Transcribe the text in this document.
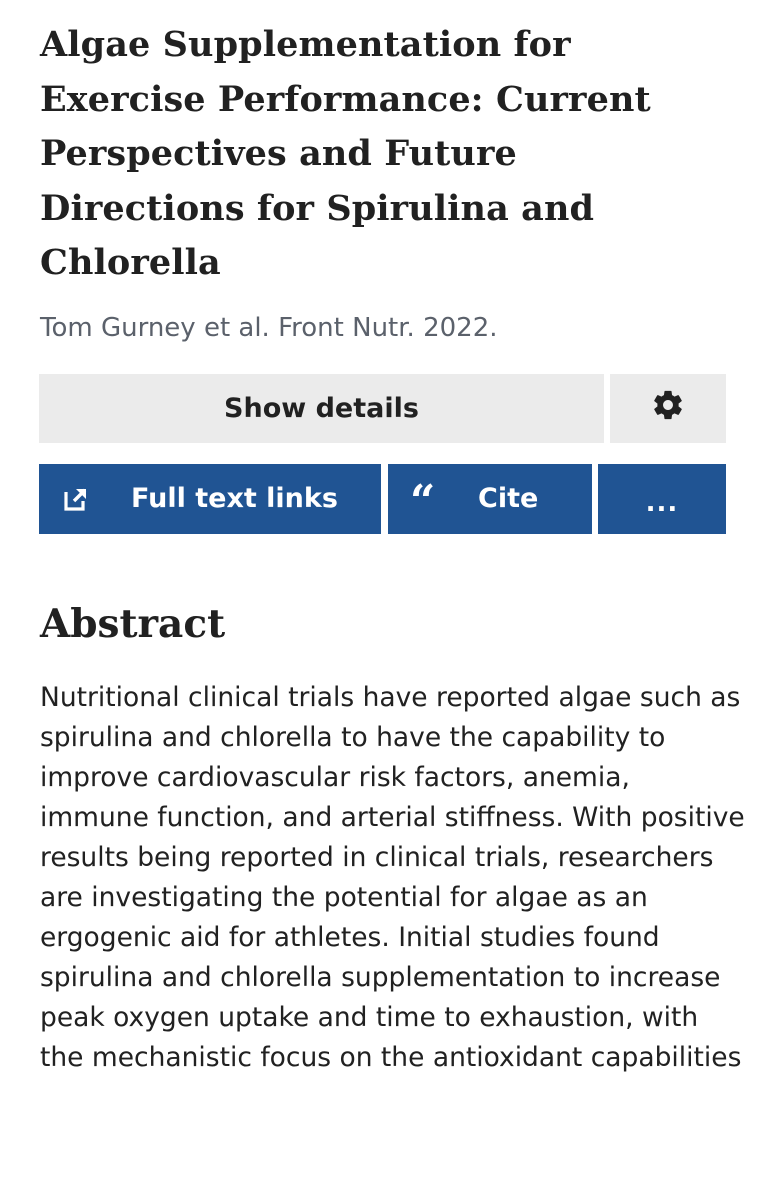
Algae Supplementation for Exercise Performance: Current Perspectives and Future Directions for Spirulina and Chlorella
Tom Gurney et al. Front Nutr. 2022.
Show details
Full text links “ Cite	...
Abstract

Nutritional clinical trials have reported algae such as spirulina and chlorella to have the capability to improve cardiovascular risk factors, anemia, immune function, and arterial stiffness. With positive results being reported in clinical trials, researchers are investigating the potential for algae as an ergogenic aid for athletes. Initial studies found spirulina and chlorella supplementation to increase peak oxygen uptake and time to exhaustion, with the mechanistic focus on the antioxidant capabilities
